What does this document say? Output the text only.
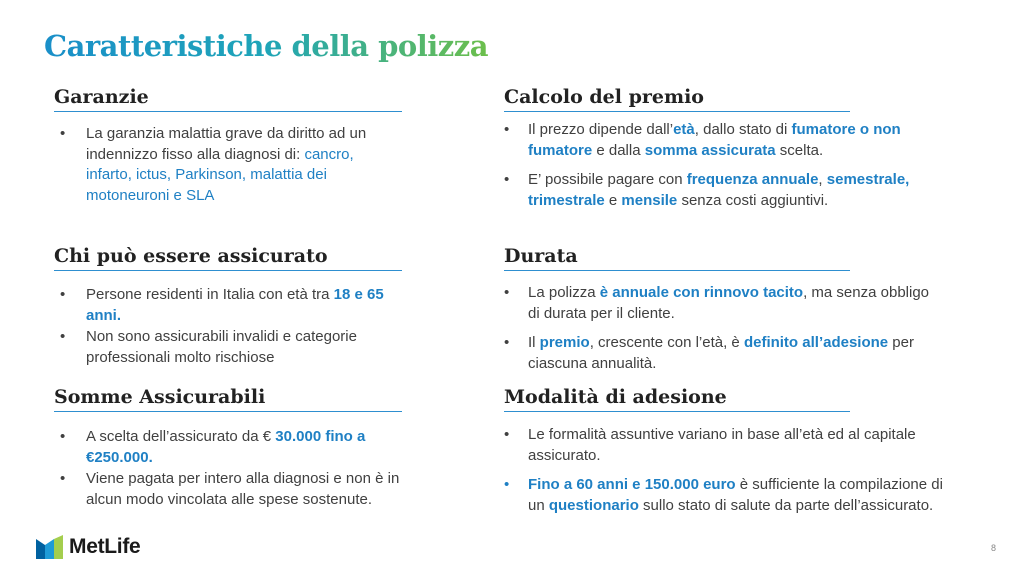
Caratteristiche della polizza
Garanzie
• La garanzia malattia grave da diritto ad un indennizzo fisso alla diagnosi di: cancro, infarto, ictus, Parkinson, malattia dei motoneuroni e SLA
Chi può essere assicurato
• Persone residenti in Italia con età tra 18 e 65 anni.
• Non sono assicurabili invalidi e categorie professionali molto rischiose
Somme Assicurabili
• A scelta dell’assicurato da € 30.000 fino a €250.000.
• Viene pagata per intero alla diagnosi e non è in alcun modo vincolata alle spese sostenute.
Calcolo del premio
• Il prezzo dipende dall’età, dallo stato di fumatore o non fumatore e dalla somma assicurata scelta.
• E’ possibile pagare con frequenza annuale, semestrale, trimestrale e mensile senza costi aggiuntivi.
Durata
• La polizza è annuale con rinnovo tacito, ma senza obbligo di durata per il cliente.
• Il premio, crescente con l’età, è definito all’adesione per ciascuna annualità.
Modalità di adesione
• Le formalità assuntive variano in base all’età ed al capitale assicurato.
• Fino a 60 anni e 150.000 euro è sufficiente la compilazione di un questionario sullo stato di salute da parte dell’assicurato.
MetLife	8
